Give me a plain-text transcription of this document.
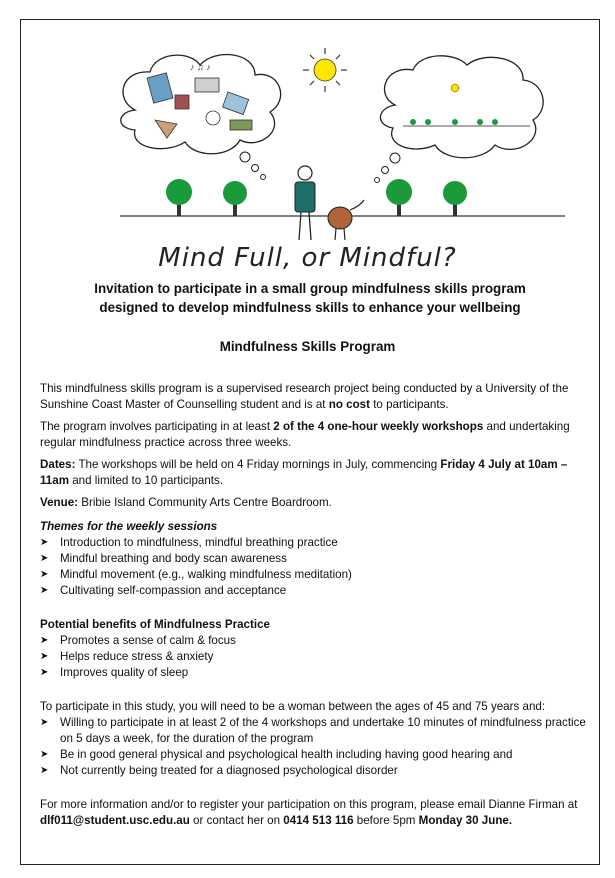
♪ ♫ ♪
Mind Full, or Mindful?
Invitation to participate in a small group mindfulness skills program
designed to develop mindfulness skills to enhance your wellbeing
Mindfulness Skills Program

This mindfulness skills program is a supervised research project being conducted by a University of the Sunshine Coast Master of Counselling student and is at no cost to participants.

The program involves participating in at least 2 of the 4 one-hour weekly workshops and undertaking regular mindfulness practice across three weeks.

Dates: The workshops will be held on 4 Friday mornings in July, commencing Friday 4 July at 10am – 11am and limited to 10 participants.

Venue: Bribie Island Community Arts Centre Boardroom.

Themes for the weekly sessions
➤ Introduction to mindfulness, mindful breathing practice
➤ Mindful breathing and body scan awareness
➤ Mindful movement (e.g., walking mindfulness meditation)
➤ Cultivating self-compassion and acceptance
Potential benefits of Mindfulness Practice
➤ Promotes a sense of calm & focus
➤ Helps reduce stress & anxiety
➤ Improves quality of sleep

To participate in this study, you will need to be a woman between the ages of 45 and 75 years and:

➤ Willing to participate in at least 2 of the 4 workshops and undertake 10 minutes of mindfulness practice on 5 days a week, for the duration of the program
➤ Be in good general physical and psychological health including having good hearing and
➤ Not currently being treated for a diagnosed psychological disorder

For more information and/or to register your participation on this program, please email Dianne Firman at dlf011@student.usc.edu.au or contact her on 0414 513 116 before 5pm Monday 30 June.
